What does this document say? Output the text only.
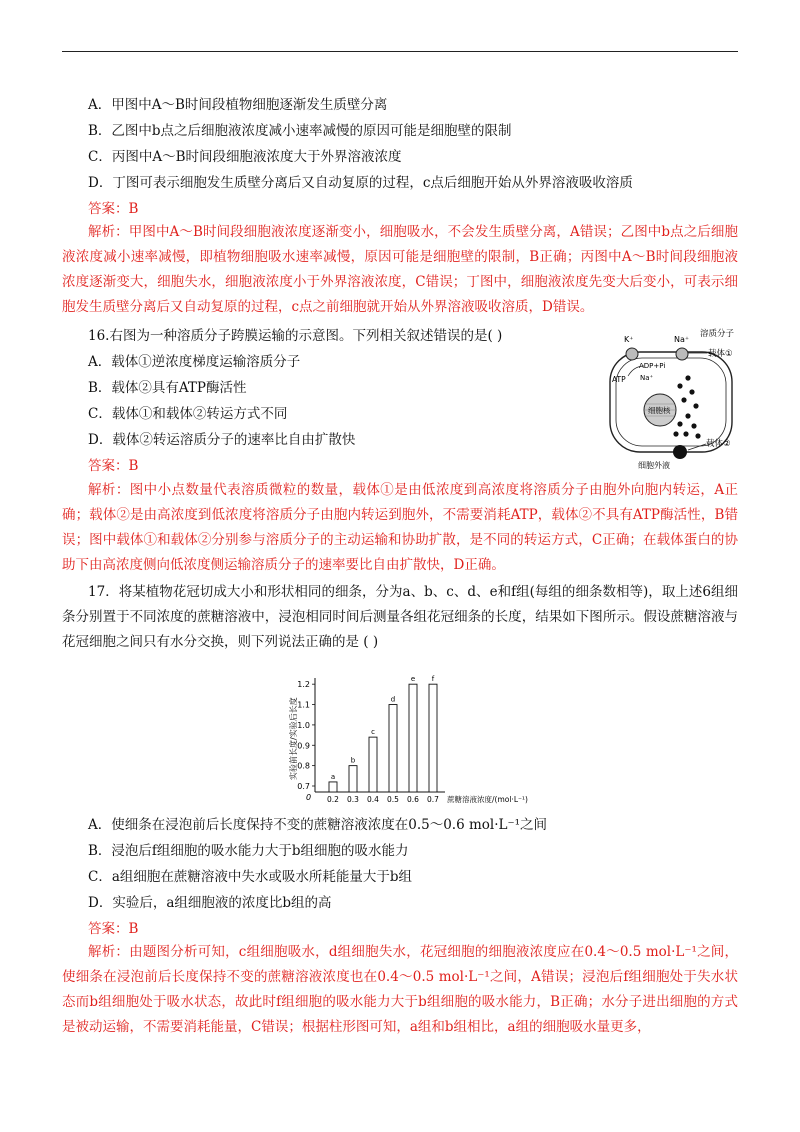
A．甲图中A～B时间段植物细胞逐渐发生质壁分离
B．乙图中b点之后细胞液浓度减小速率减慢的原因可能是细胞壁的限制
C．丙图中A～B时间段细胞液浓度大于外界溶液浓度
D．丁图可表示细胞发生质壁分离后又自动复原的过程，c点后细胞开始从外界溶液吸收溶质
答案：B
解析：甲图中A～B时间段细胞液浓度逐渐变小，细胞吸水，不会发生质壁分离，A错误；乙图中b点之后细胞液浓度减小速率减慢，即植物细胞吸水速率减慢，原因可能是细胞壁的限制，B正确；丙图中A～B时间段细胞液浓度逐渐变大，细胞失水，细胞液浓度小于外界溶液浓度，C错误；丁图中，细胞液浓度先变大后变小，可表示细胞发生质壁分离后又自动复原的过程，c点之前细胞就开始从外界溶液吸收溶质，D错误。
16.右图为一种溶质分子跨膜运输的示意图。下列相关叙述错误的是( )
A．载体①逆浓度梯度运输溶质分子
B．载体②具有ATP酶活性
C．载体①和载体②转运方式不同
D．载体②转运溶质分子的速率比自由扩散快
答案：B
解析：图中小点数量代表溶质微粒的数量，载体①是由低浓度到高浓度将溶质分子由胞外向胞内转运，A正确；载体②是由高浓度到低浓度将溶质分子由胞内转运到胞外，不需要消耗ATP，载体②不具有ATP酶活性，B错误；图中载体①和载体②分别参与溶质分子的主动运输和协助扩散，是不同的转运方式，C正确；在载体蛋白的协助下由高浓度侧向低浓度侧运输溶质分子的速率要比自由扩散快，D正确。
K⁺	Na⁺
溶质分子
载体①
ADP+Pi
ATP Na⁺
细胞核
载体②
细胞外液
17．将某植物花冠切成大小和形状相同的细条，分为a、b、c、d、e和f组(每组的细条数相等)，取上述6组细条分别置于不同浓度的蔗糖溶液中，浸泡相同时间后测量各组花冠细条的长度，结果如下图所示。假设蔗糖溶液与花冠细胞之间只有水分交换，则下列说法正确的是 ( )
实验前长度/实验后长度
0	蔗糖溶液浓度/(mol·L⁻¹)
0.7
0.8
0.9
1.0
1.1
1.2
a
0.2
b
0.3
c
0.4
d
0.5
e
0.6
f
0.7
A．使细条在浸泡前后长度保持不变的蔗糖溶液浓度在0.5～0.6 mol·L⁻¹之间
B．浸泡后f组细胞的吸水能力大于b组细胞的吸水能力
C．a组细胞在蔗糖溶液中失水或吸水所耗能量大于b组
D．实验后，a组细胞液的浓度比b组的高
答案：B
解析：由题图分析可知，c组细胞吸水，d组细胞失水，花冠细胞的细胞液浓度应在0.4～0.5 mol·L⁻¹之间，使细条在浸泡前后长度保持不变的蔗糖溶液浓度也在0.4～0.5 mol·L⁻¹之间，A错误；浸泡后f组细胞处于失水状态而b组细胞处于吸水状态，故此时f组细胞的吸水能力大于b组细胞的吸水能力，B正确；水分子进出细胞的方式是被动运输，不需要消耗能量，C错误；根据柱形图可知，a组和b组相比，a组的细胞吸水量更多，
